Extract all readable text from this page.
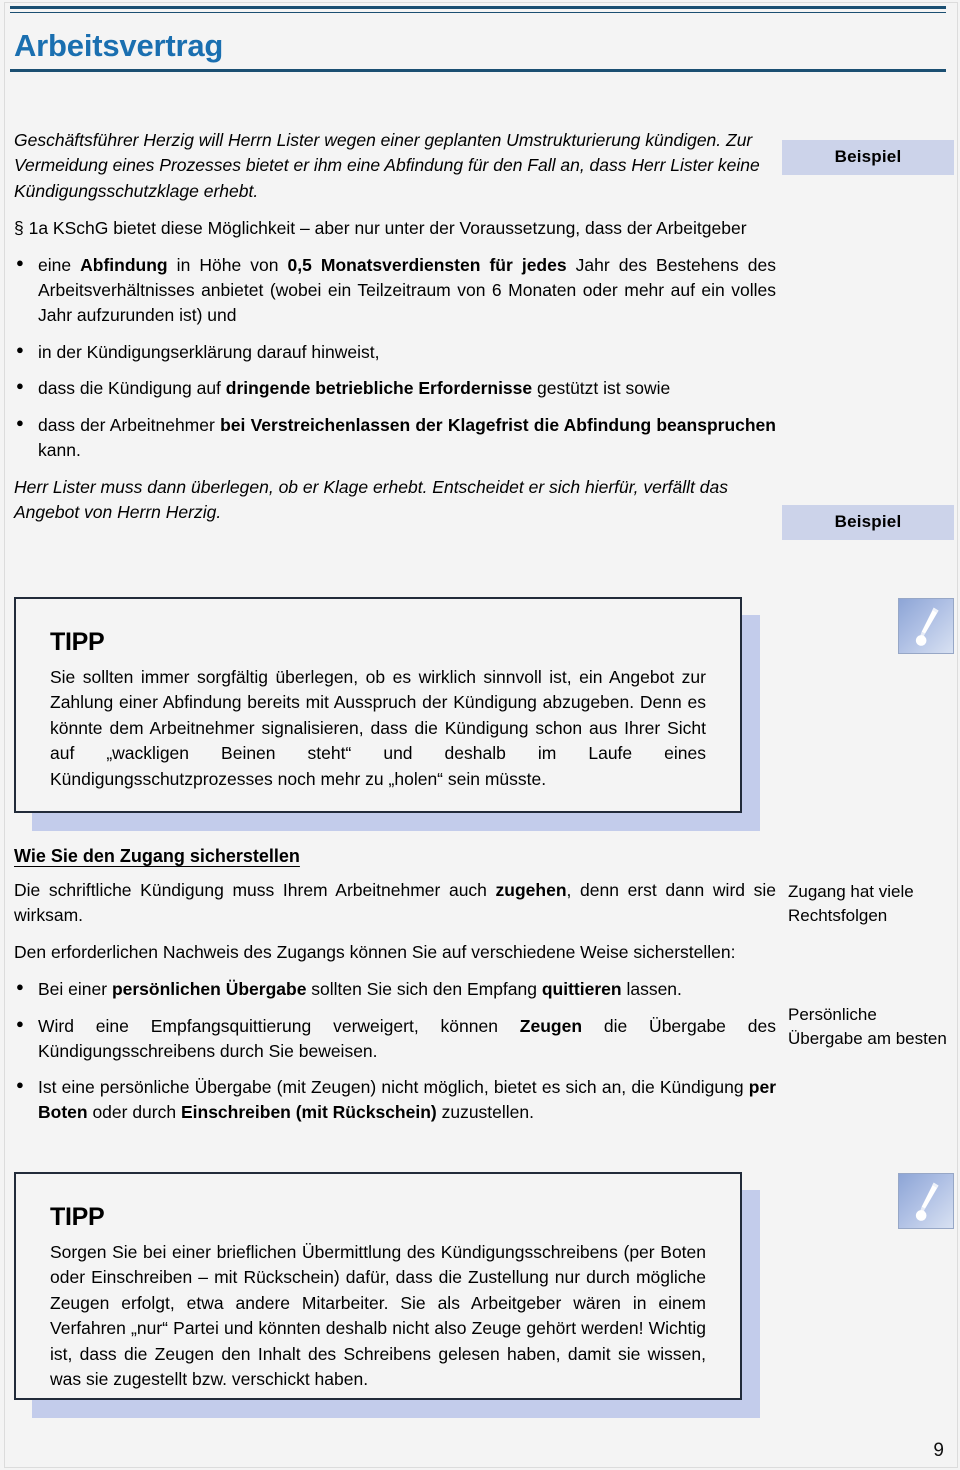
Arbeitsvertrag
Beispiel

Geschäftsführer Herzig will Herrn Lister wegen einer geplanten Umstrukturierung kündigen. Zur Vermeidung eines Prozesses bietet er ihm eine Abfindung für den Fall an, dass Herr Lister keine Kündigungsschutzklage erhebt.

§ 1a KSchG bietet diese Möglichkeit – aber nur unter der Voraussetzung, dass der Arbeitgeber

● eine Abfindung in Höhe von 0,5 Monatsverdiensten für jedes Jahr des Bestehens des Arbeitsverhältnisses anbietet (wobei ein Teilzeitraum von 6 Monaten oder mehr auf ein volles Jahr aufzurunden ist) und
● in der Kündigungserklärung darauf hinweist,
● dass die Kündigung auf dringende betriebliche Erfordernisse gestützt ist sowie
● dass der Arbeitnehmer bei Verstreichenlassen der Klagefrist die Abfindung beanspruchen kann.

Herr Lister muss dann überlegen, ob er Klage erhebt. Entscheidet er sich hierfür, verfällt das Angebot von Herrn Herzig.	Beispiel
TIPP

Sie sollten immer sorgfältig überlegen, ob es wirklich sinnvoll ist, ein Angebot zur Zahlung einer Abfindung bereits mit Ausspruch der Kündigung abzugeben. Denn es könnte dem Arbeitnehmer signalisieren, dass die Kündigung schon aus Ihrer Sicht auf „wackligen Beinen steht“ und deshalb im Laufe eines Kündigungsschutzprozesses noch mehr zu „holen“ sein müsste.

Wie Sie den Zugang sicherstellen

Die schriftliche Kündigung muss Ihrem Arbeitnehmer auch zugehen, denn erst dann wird sie wirksam.

Den erforderlichen Nachweis des Zugangs können Sie auf verschiedene Weise sicherstellen:

● Bei einer persönlichen Übergabe sollten Sie sich den Empfang quittieren lassen.
● Wird eine Empfangsquittierung verweigert, können Zeugen die Übergabe des Kündigungsschreibens durch Sie beweisen.
● Ist eine persönliche Übergabe (mit Zeugen) nicht möglich, bietet es sich an, die Kündigung per Boten oder durch Einschreiben (mit Rückschein) zuzustellen.
Zugang hat viele Rechtsfolgen
Persönliche Übergabe am besten
TIPP

Sorgen Sie bei einer brieflichen Übermittlung des Kündigungsschreibens (per Boten oder Einschreiben – mit Rückschein) dafür, dass die Zustellung nur durch mögliche Zeugen erfolgt, etwa andere Mitarbeiter. Sie als Arbeitgeber wären in einem Verfahren „nur“ Partei und könnten deshalb nicht also Zeuge gehört werden! Wichtig ist, dass die Zeugen den Inhalt des Schreibens gelesen haben, damit sie wissen, was sie zugestellt bzw. verschickt haben.

9
